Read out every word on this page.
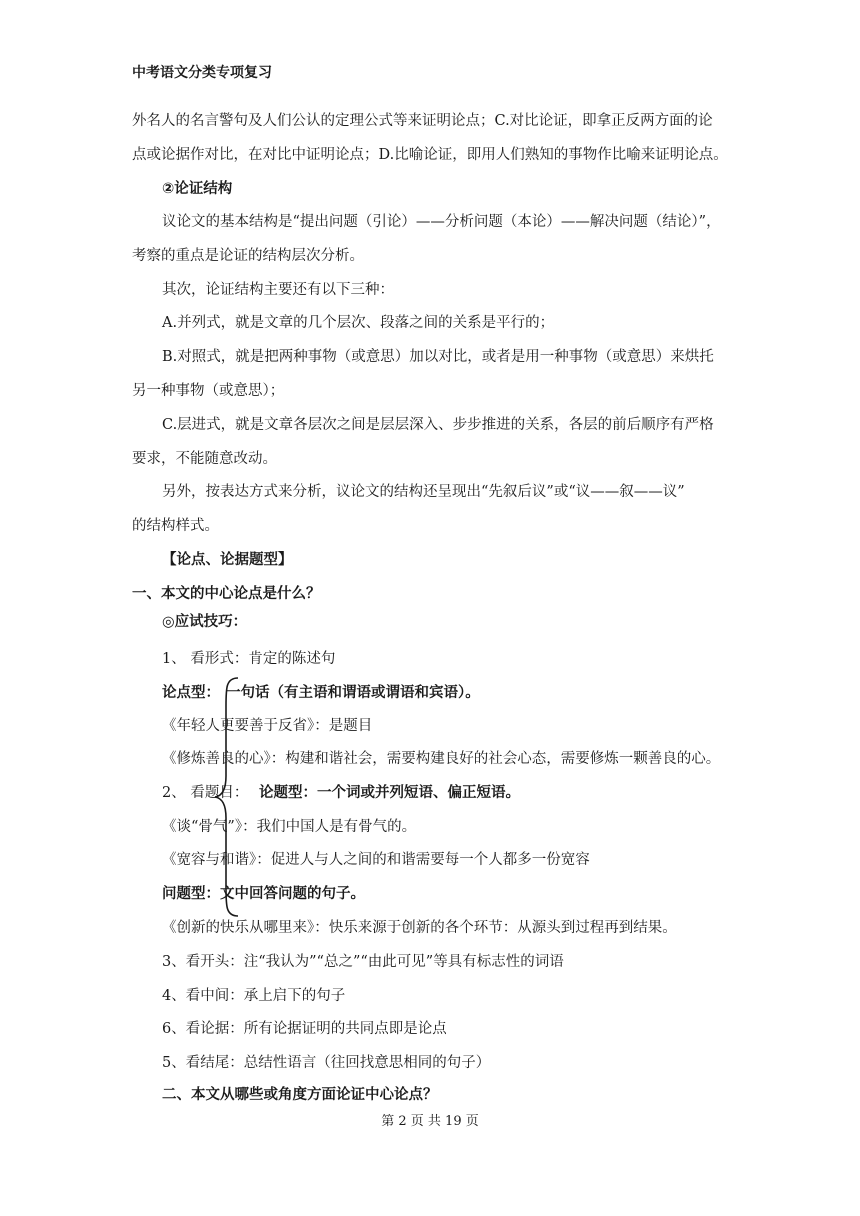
中考语文分类专项复习
外名人的名言警句及人们公认的定理公式等来证明论点；C.对比论证，即拿正反两方面的论
点或论据作对比，在对比中证明论点；D.比喻论证，即用人们熟知的事物作比喻来证明论点。
②论证结构
议论文的基本结构是“提出问题（引论）——分析问题（本论）——解决问题（结论）”，
考察的重点是论证的结构层次分析。
其次，论证结构主要还有以下三种：
A.并列式，就是文章的几个层次、段落之间的关系是平行的；
B.对照式，就是把两种事物（或意思）加以对比，或者是用一种事物（或意思）来烘托
另一种事物（或意思）；
C.层进式，就是文章各层次之间是层层深入、步步推进的关系，各层的前后顺序有严格
要求，不能随意改动。
另外，按表达方式来分析，议论文的结构还呈现出“先叙后议”或“议——叙——议”
的结构样式。
【论点、论据题型】
一、本文的中心论点是什么？
◎应试技巧：
1、 看形式：肯定的陈述句
论点型： 一句话（有主语和谓语或谓语和宾语）。
《年轻人更要善于反省》：是题目
《修炼善良的心》：构建和谐社会，需要构建良好的社会心态，需要修炼一颗善良的心。
2、 看题目： 论题型：一个词或并列短语、偏正短语。
《谈“骨气”》：我们中国人是有骨气的。
《宽容与和谐》：促进人与人之间的和谐需要每一个人都多一份宽容
问题型：文中回答问题的句子。
《创新的快乐从哪里来》：快乐来源于创新的各个环节：从源头到过程再到结果。
3、看开头：注“我认为”“总之”“由此可见”等具有标志性的词语
4、看中间：承上启下的句子
6、看论据：所有论据证明的共同点即是论点
5、看结尾：总结性语言（往回找意思相同的句子）
二、本文从哪些或角度方面论证中心论点？
第 2 页 共 19 页
